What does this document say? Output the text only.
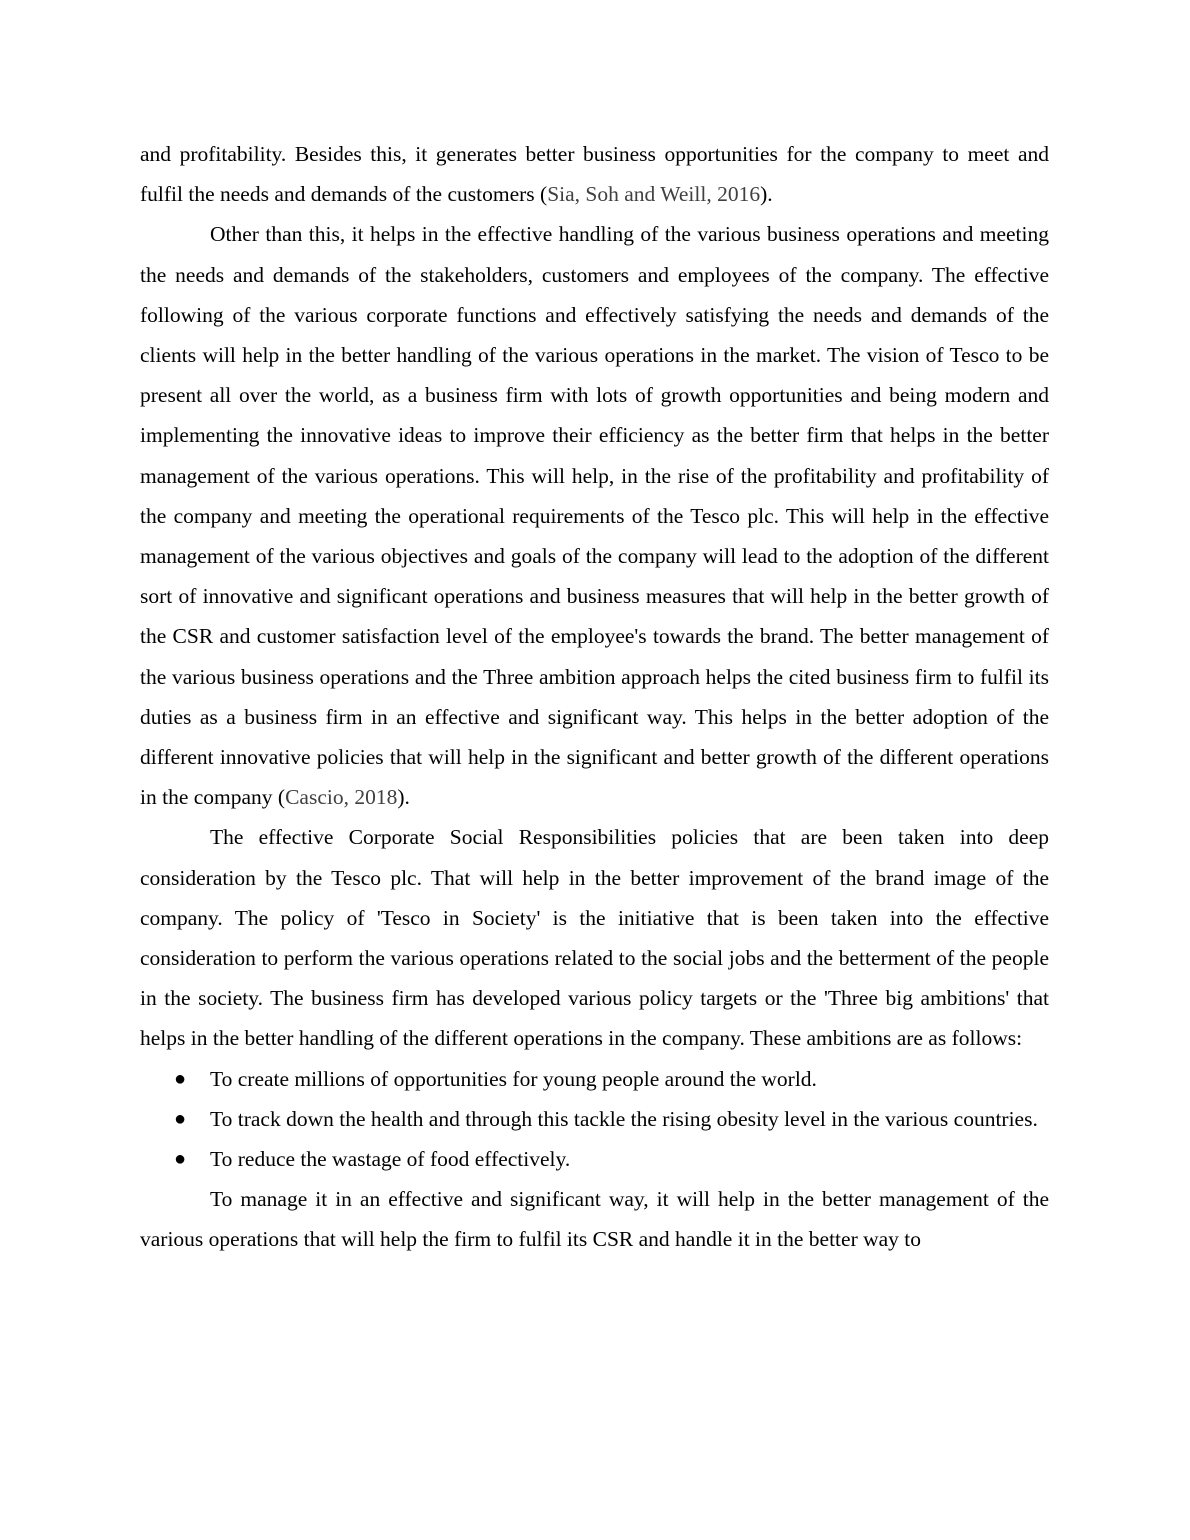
and profitability. Besides this, it generates better business opportunities for the company to meet and fulfil the needs and demands of the customers (Sia, Soh and Weill, 2016).

Other than this, it helps in the effective handling of the various business operations and meeting the needs and demands of the stakeholders, customers and employees of the company. The effective following of the various corporate functions and effectively satisfying the needs and demands of the clients will help in the better handling of the various operations in the market. The vision of Tesco to be present all over the world, as a business firm with lots of growth opportunities and being modern and implementing the innovative ideas to improve their efficiency as the better firm that helps in the better management of the various operations. This will help, in the rise of the profitability and profitability of the company and meeting the operational requirements of the Tesco plc. This will help in the effective management of the various objectives and goals of the company will lead to the adoption of the different sort of innovative and significant operations and business measures that will help in the better growth of the CSR and customer satisfaction level of the employee's towards the brand. The better management of the various business operations and the Three ambition approach helps the cited business firm to fulfil its duties as a business firm in an effective and significant way. This helps in the better adoption of the different innovative policies that will help in the significant and better growth of the different operations in the company (Cascio, 2018).

The effective Corporate Social Responsibilities policies that are been taken into deep consideration by the Tesco plc. That will help in the better improvement of the brand image of the company. The policy of 'Tesco in Society' is the initiative that is been taken into the effective consideration to perform the various operations related to the social jobs and the betterment of the people in the society. The business firm has developed various policy targets or the 'Three big ambitions' that helps in the better handling of the different operations in the company. These ambitions are as follows:

● To create millions of opportunities for young people around the world.
● To track down the health and through this tackle the rising obesity level in the various countries.
● To reduce the wastage of food effectively.

To manage it in an effective and significant way, it will help in the better management of the various operations that will help the firm to fulfil its CSR and handle it in the better way to
